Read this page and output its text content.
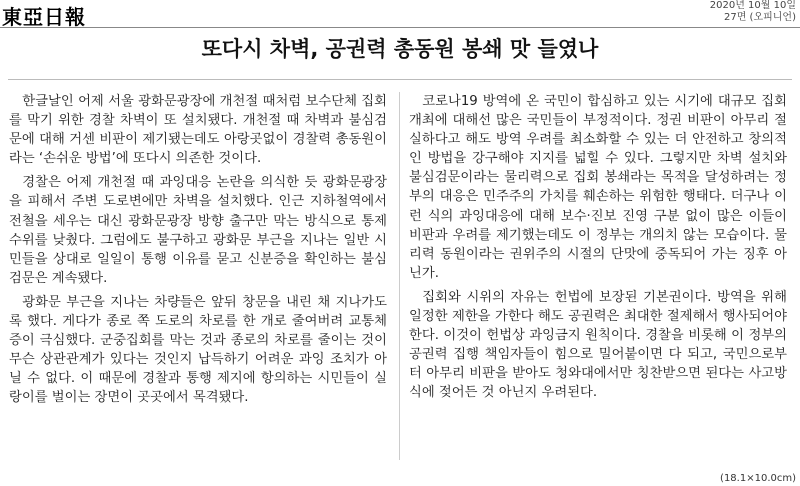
東亞日報	2020년 10월 10일
27면 (오피니언)
또다시 차벽, 공권력 총동원 봉쇄 맛 들였나

한글날인 어제 서울 광화문광장에 개천절 때처럼 보수단체 집회를 막기 위한 경찰 차벽이 또 설치됐다. 개천절 때 차벽과 불심검문에 대해 거센 비판이 제기됐는데도 아랑곳없이 경찰력 총동원이라는 ‘손쉬운 방법’에 또다시 의존한 것이다.

경찰은 어제 개천절 때 과잉대응 논란을 의식한 듯 광화문광장을 피해서 주변 도로변에만 차벽을 설치했다. 인근 지하철역에서 전철을 세우는 대신 광화문광장 방향 출구만 막는 방식으로 통제 수위를 낮췄다. 그럼에도 불구하고 광화문 부근을 지나는 일반 시민들을 상대로 일일이 통행 이유를 묻고 신분증을 확인하는 불심검문은 계속됐다.

광화문 부근을 지나는 차량들은 앞뒤 창문을 내린 채 지나가도록 했다. 게다가 종로 쪽 도로의 차로를 한 개로 줄여버려 교통체증이 극심했다. 군중집회를 막는 것과 종로의 차로를 줄이는 것이 무슨 상관관계가 있다는 것인지 납득하기 어려운 과잉 조치가 아닐 수 없다. 이 때문에 경찰과 통행 제지에 항의하는 시민들이 실랑이를 벌이는 장면이 곳곳에서 목격됐다.

코로나19 방역에 온 국민이 합심하고 있는 시기에 대규모 집회 개최에 대해선 많은 국민들이 부정적이다. 정권 비판이 아무리 절실하다고 해도 방역 우려를 최소화할 수 있는 더 안전하고 창의적인 방법을 강구해야 지지를 넓힐 수 있다. 그렇지만 차벽 설치와 불심검문이라는 물리력으로 집회 봉쇄라는 목적을 달성하려는 정부의 대응은 민주주의 가치를 훼손하는 위험한 행태다. 더구나 이런 식의 과잉대응에 대해 보수·진보 진영 구분 없이 많은 이들이 비판과 우려를 제기했는데도 이 정부는 개의치 않는 모습이다. 물리력 동원이라는 권위주의 시절의 단맛에 중독되어 가는 징후 아닌가.

집회와 시위의 자유는 헌법에 보장된 기본권이다. 방역을 위해 일정한 제한을 가한다 해도 공권력은 최대한 절제해서 행사되어야 한다. 이것이 헌법상 과잉금지 원칙이다. 경찰을 비롯해 이 정부의 공권력 집행 책임자들이 힘으로 밀어붙이면 다 되고, 국민으로부터 아무리 비판을 받아도 청와대에서만 칭찬받으면 된다는 사고방식에 젖어든 것 아닌지 우려된다.

(18.1×10.0cm)
